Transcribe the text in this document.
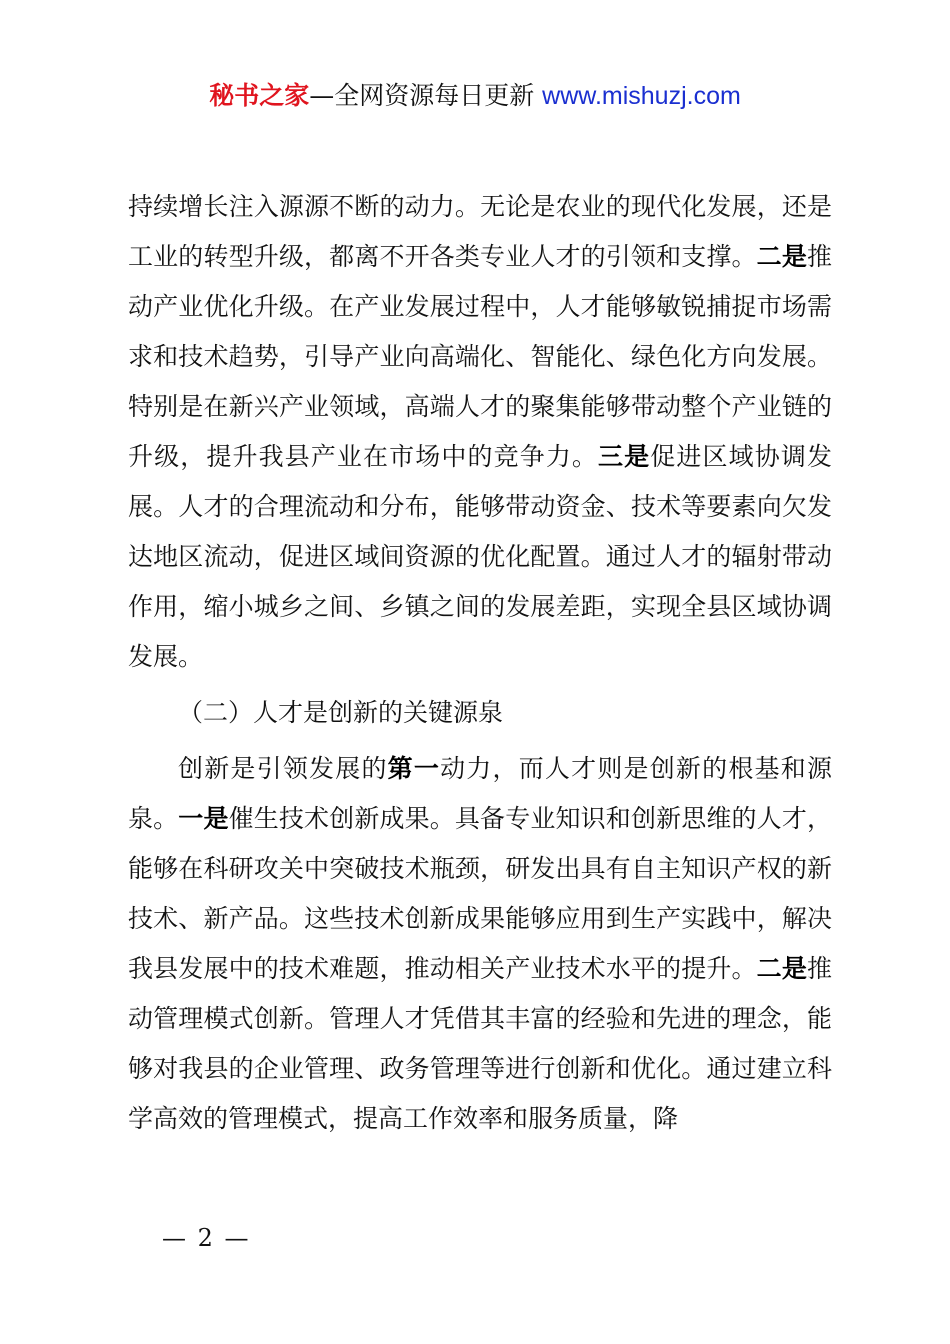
秘书之家—全网资源每日更新 www.mishuzj.com

持续增长注入源源不断的动力。无论是农业的现代化发展，还是工业的转型升级，都离不开各类专业人才的引领和支撑。二是推动产业优化升级。在产业发展过程中，人才能够敏锐捕捉市场需求和技术趋势，引导产业向高端化、智能化、绿色化方向发展。特别是在新兴产业领域，高端人才的聚集能够带动整个产业链的升级，提升我县产业在市场中的竞争力。三是促进区域协调发展。人才的合理流动和分布，能够带动资金、技术等要素向欠发达地区流动，促进区域间资源的优化配置。通过人才的辐射带动作用，缩小城乡之间、乡镇之间的发展差距，实现全县区域协调发展。

（二）人才是创新的关键源泉

创新是引领发展的第一动力，而人才则是创新的根基和源泉。一是催生技术创新成果。具备专业知识和创新思维的人才，能够在科研攻关中突破技术瓶颈，研发出具有自主知识产权的新技术、新产品。这些技术创新成果能够应用到生产实践中，解决我县发展中的技术难题，推动相关产业技术水平的提升。二是推动管理模式创新。管理人才凭借其丰富的经验和先进的理念，能够对我县的企业管理、政务管理等进行创新和优化。通过建立科学高效的管理模式，提高工作效率和服务质量，降

— 2 —
